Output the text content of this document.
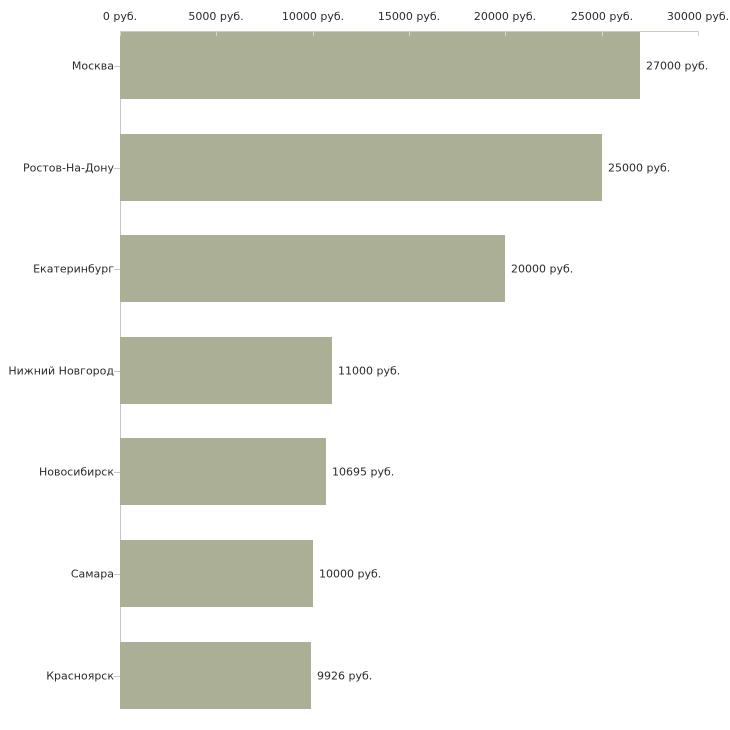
0 руб.	5000 руб.	10000 руб.	15000 руб.	20000 руб.	25000 руб.	30000 руб.
Москва	27000 руб.
Ростов-На-Дону	25000 руб.
Екатеринбург	20000 руб.
Нижний Новгород	11000 руб.
Новосибирск	10695 руб.
Самара	10000 руб.
Красноярск	9926 руб.
